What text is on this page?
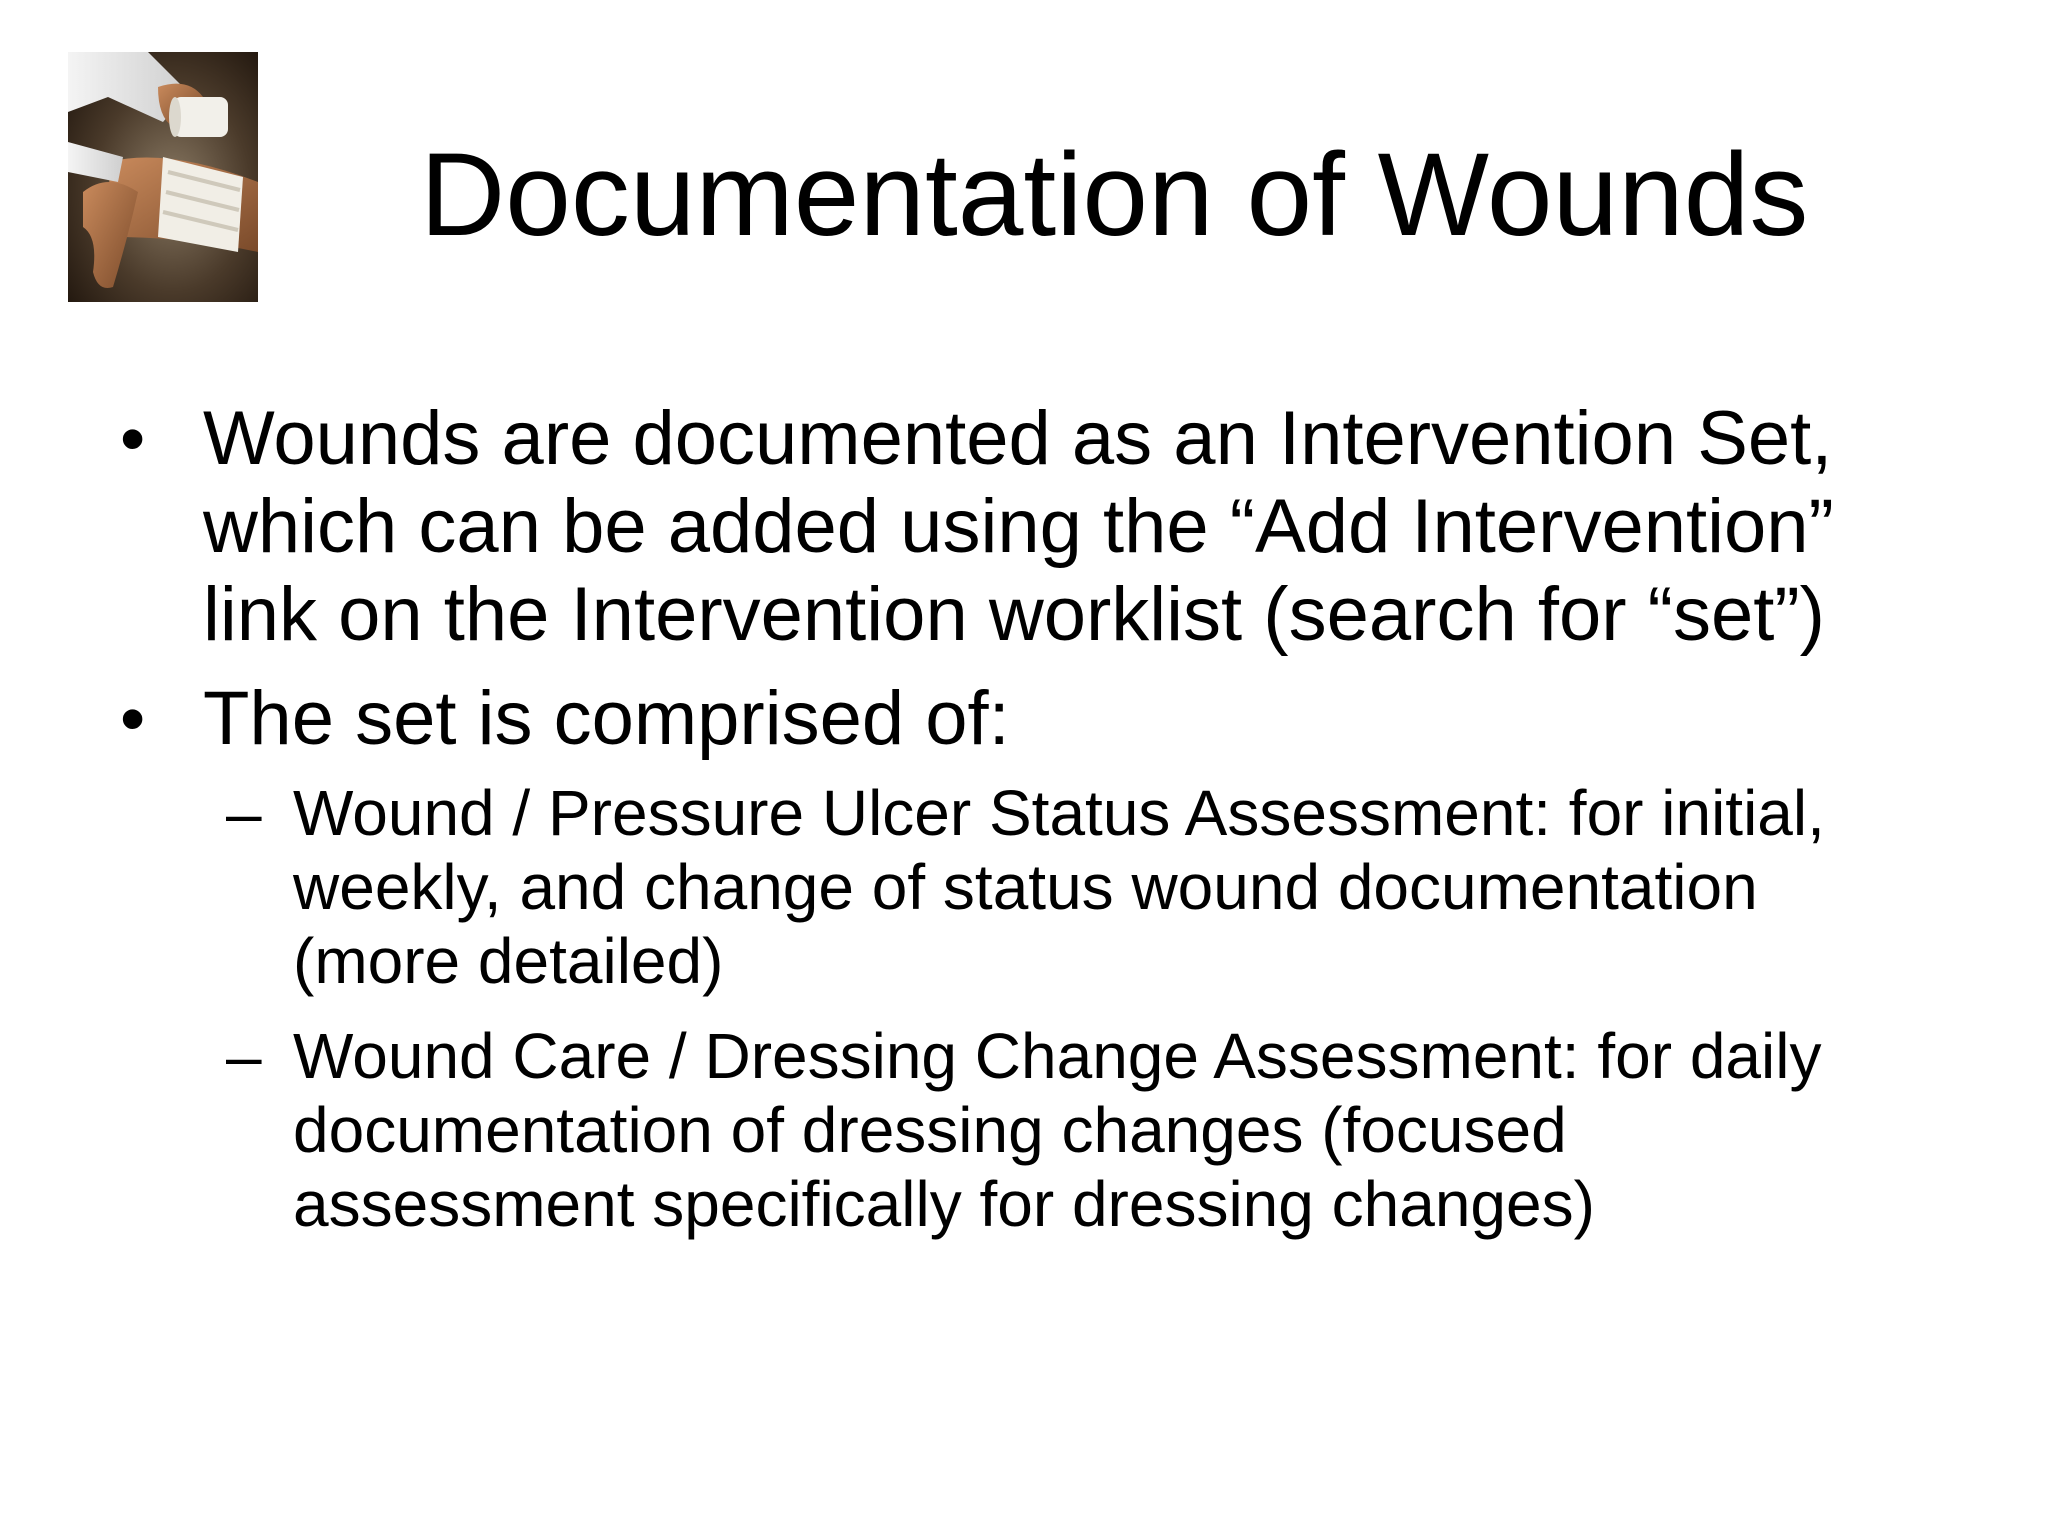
Documentation of Wounds
• Wounds are documented as an Intervention Set,
which can be added using the “Add Intervention”
link on the Intervention worklist (search for “set”)
• The set is comprised of:
– Wound / Pressure Ulcer Status Assessment: for initial,
weekly, and change of status wound documentation
(more detailed)
– Wound Care / Dressing Change Assessment: for daily
documentation of dressing changes (focused
assessment specifically for dressing changes)
